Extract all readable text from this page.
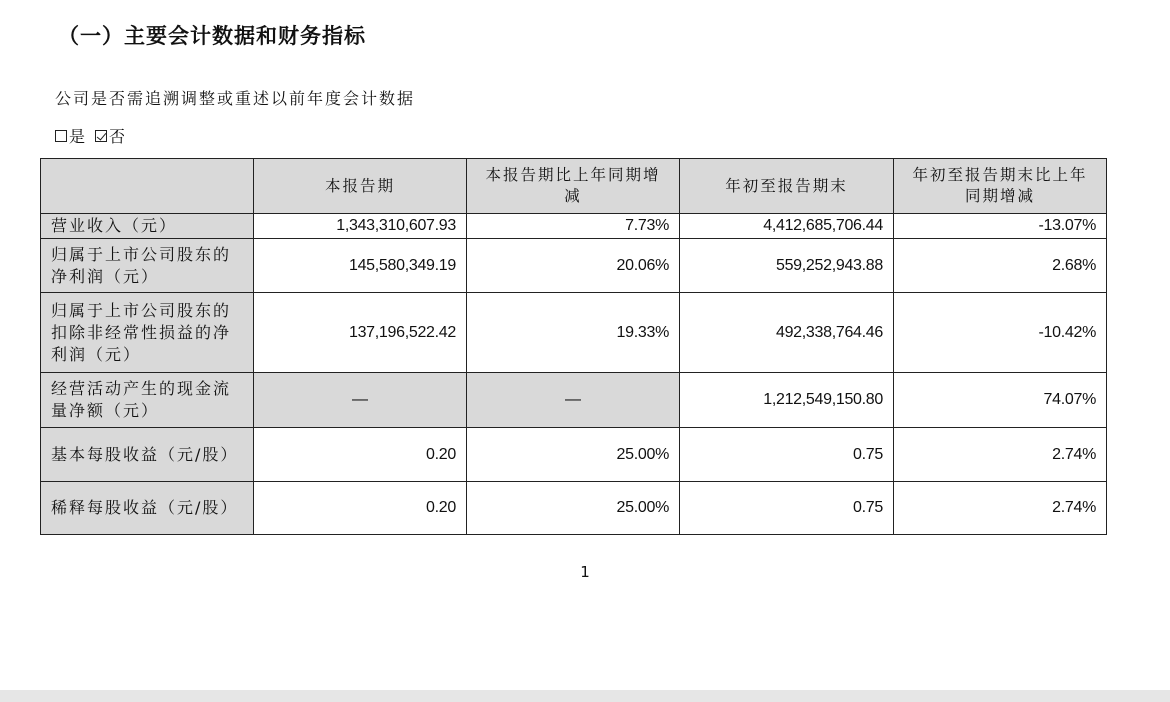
（一）主要会计数据和财务指标
公司是否需追溯调整或重述以前年度会计数据
是 否
	本报告期	本报告期比上年同期增减	年初至报告期末	年初至报告期末比上年同期增减
营业收入（元）	1,343,310,607.93	7.73%	4,412,685,706.44	-13.07%
归属于上市公司股东的净利润（元）	145,580,349.19	20.06%	559,252,943.88	2.68%
归属于上市公司股东的扣除非经常性损益的净利润（元）	137,196,522.42	19.33%	492,338,764.46	-10.42%
经营活动产生的现金流量净额（元）	—	—	1,212,549,150.80	74.07%
基本每股收益（元/股）	0.20	25.00%	0.75	2.74%
稀释每股收益（元/股）	0.20	25.00%	0.75	2.74%
1
